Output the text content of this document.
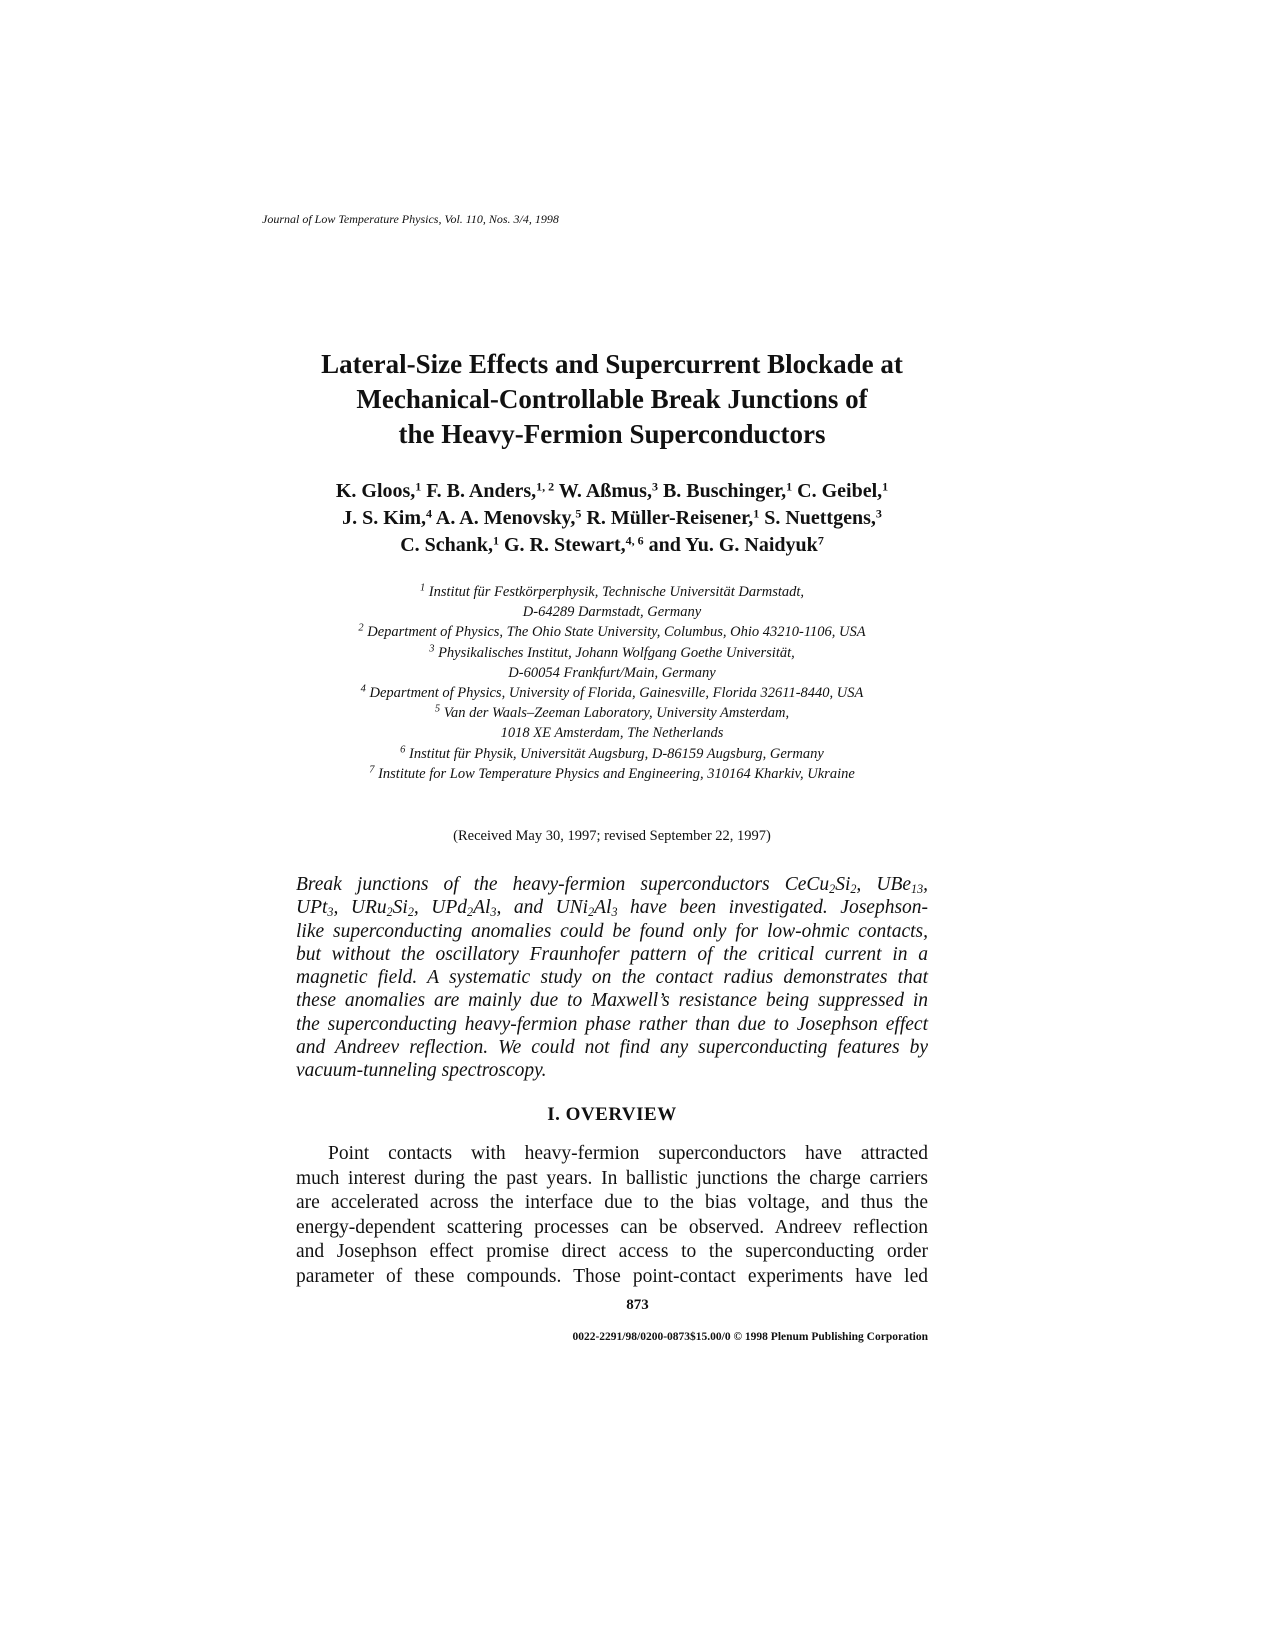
Journal of Low Temperature Physics, Vol. 110, Nos. 3/4, 1998
Lateral-Size Effects and Supercurrent Blockade at
Mechanical-Controllable Break Junctions of
the Heavy-Fermion Superconductors
K. Gloos,$^1$ F. B. Anders,$^{1, 2}$ W. Aßmus,$^3$ B. Buschinger,$^1$ C. Geibel,$^1$
J. S. Kim,$^4$ A. A. Menovsky,$^5$ R. Müller-Reisener,$^1$ S. Nuettgens,$^3$
C. Schank,$^1$ G. R. Stewart,$^{4, 6}$ and Yu. G. Naidyuk$^7$
$^1$ Institut für Festkörperphysik, Technische Universität Darmstadt,
D-64289 Darmstadt, Germany
$^2$ Department of Physics, The Ohio State University, Columbus, Ohio 43210-1106, USA
$^3$ Physikalisches Institut, Johann Wolfgang Goethe Universität,
D-60054 Frankfurt/Main, Germany
$^4$ Department of Physics, University of Florida, Gainesville, Florida 32611-8440, USA
$^5$ Van der Waals–Zeeman Laboratory, University Amsterdam,
1018 XE Amsterdam, The Netherlands
$^6$ Institut für Physik, Universität Augsburg, D-86159 Augsburg, Germany
$^7$ Institute for Low Temperature Physics and Engineering, 310164 Kharkiv, Ukraine
(Received May 30, 1997; revised September 22, 1997)
Break junctions of the heavy-fermion superconductors $CeCu_2Si_2$, UBe$_{13}$,
UPt$_3$, $URu_2Si_2$, $UPd_2Al_3$, and $UNi_2Al_3$ have been investigated. Josephson-
like superconducting anomalies could be found only for low-ohmic contacts,
but without the oscillatory Fraunhofer pattern of the critical current in a
magnetic field. A systematic study on the contact radius demonstrates that
these anomalies are mainly due to Maxwell’s resistance being suppressed in
the superconducting heavy-fermion phase rather than due to Josephson effect
and Andreev reflection. We could not find any superconducting features by
vacuum-tunneling spectroscopy.
I. OVERVIEW
Point contacts with heavy-fermion superconductors have attracted
much interest during the past years. In ballistic junctions the charge carriers
are accelerated across the interface due to the bias voltage, and thus the
energy-dependent scattering processes can be observed. Andreev reflection
and Josephson effect promise direct access to the superconducting order
parameter of these compounds. Those point-contact experiments have led
873
0022-2291/98/0200-0873$15.00/0 © 1998 Plenum Publishing Corporation
